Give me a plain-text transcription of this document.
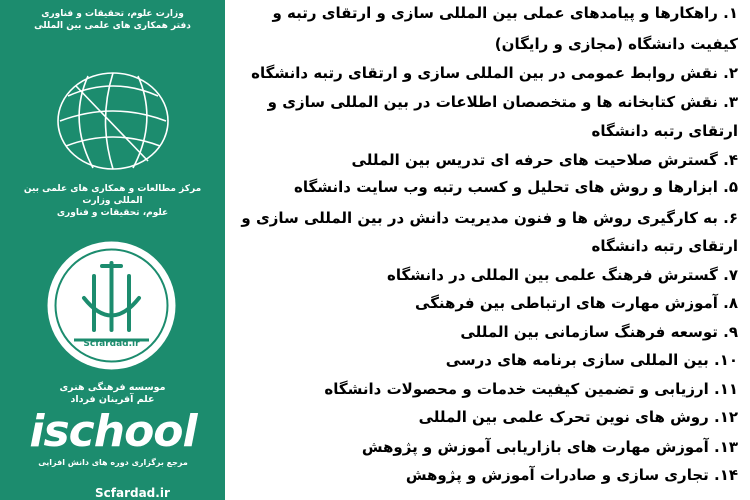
وزارت علوم، تحقیقات و فناوری
دفتر همکاری های علمی بین المللی
مرکز مطالعات و همکاری های علمی بین المللی وزارت
علوم، تحقیقات و فناوری
Scfardad.ir
موسسه فرهنگی هنری
علم آفرینان فرداد
ischool
مرجع برگزاری دوره های دانش افزایی
Scfardad.ir
۱. راهکارها و پیامدهای عملی بین المللی سازی و ارتقای رتبه و
کیفیت دانشگاه (مجازی و رایگان)
۲. نقش روابط عمومی در بین المللی سازی و ارتقای رتبه دانشگاه
۳. نقش کتابخانه ها و متخصصان اطلاعات در بین المللی سازی و
ارتقای رتبه دانشگاه
۴. گسترش صلاحیت های حرفه ای تدریس بین المللی
۵. ابزارها و روش های تحلیل و کسب رتبه وب سایت دانشگاه
۶. به کارگیری روش ها و فنون مدیریت دانش در بین المللی سازی و
ارتقای رتبه دانشگاه
۷. گسترش فرهنگ علمی بین المللی در دانشگاه
۸. آموزش مهارت های ارتباطی بین فرهنگی
۹. توسعه فرهنگ سازمانی بین المللی
۱۰. بین المللی سازی برنامه های درسی
۱۱. ارزیابی و تضمین کیفیت خدمات و محصولات دانشگاه
۱۲. روش های نوین تحرک علمی بین المللی
۱۳. آموزش مهارت های بازاریابی آموزش و پژوهش
۱۴. تجاری سازی و صادرات آموزش و پژوهش
